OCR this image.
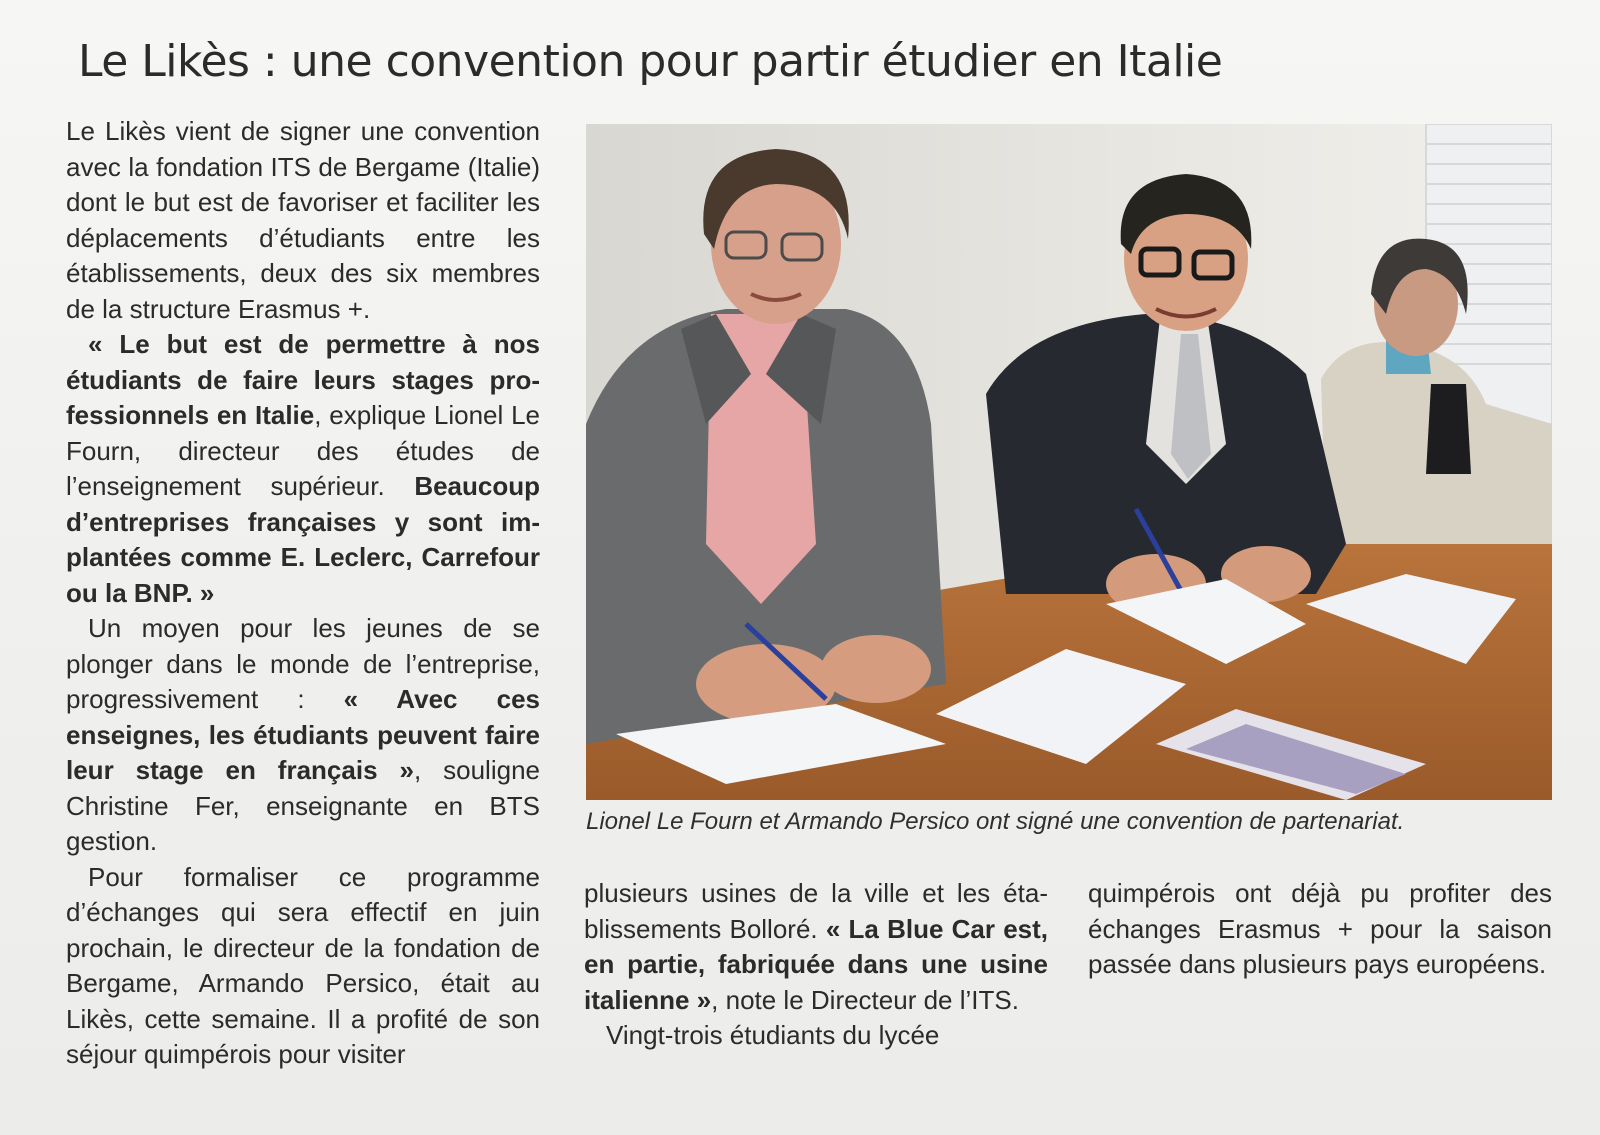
Le Likès : une convention pour partir étudier en Italie

Le Likès vient de signer une convention avec la fondation ITS de Bergame (Italie) dont le but est de favoriser et faciliter les déplacements d’étudiants entre les établissements, deux des six membres de la structure Erasmus +.

« Le but est de permettre à nos étudiants de faire leurs stages professionnels en Italie, explique Lionel Le Fourn, directeur des études de l’enseignement supérieur. Beaucoup d’entreprises françaises y sont implantées comme E. Leclerc, Carrefour ou la BNP. »

Un moyen pour les jeunes de se plonger dans le monde de l’entreprise, progressivement : « Avec ces enseignes, les étudiants peuvent faire leur stage en français », souligne Christine Fer, enseignante en BTS gestion.

Pour formaliser ce programme d’échanges qui sera effectif en juin prochain, le directeur de la fondation de Bergame, Armando Persico, était au Likès, cette semaine. Il a profité de son séjour quimpérois pour visiter

plusieurs usines de la ville et les établissements Bolloré. « La Blue Car est, en partie, fabriquée dans une usine italienne », note le Directeur de l’ITS.

Vingt-trois étudiants du lycée

quimpérois ont déjà pu profiter des échanges Erasmus + pour la saison passée dans plusieurs pays européens.

Lionel Le Fourn et Armando Persico ont signé une convention de partenariat.
